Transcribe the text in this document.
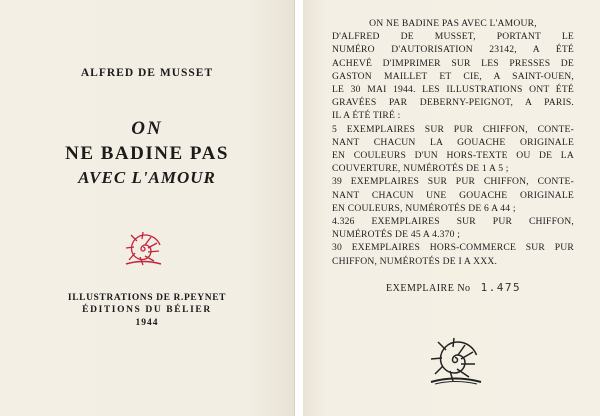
ALFRED DE MUSSET
ON
NE BADINE PAS
AVEC L'AMOUR
ILLUSTRATIONS DE R.PEYNET
ÉDITIONS DU BÉLIER
1944
ON NE BADINE PAS AVEC L'AMOUR,
D'ALFRED DE MUSSET, PORTANT LE
NUMÉRO D'AUTORISATION 23142, A ÉTÉ
ACHEVÉ D'IMPRIMER SUR LES PRESSES DE
GASTON MAILLET ET CIE, A SAINT-OUEN,
LE 30 MAI 1944. LES ILLUSTRATIONS ONT ÉTÉ
GRAVÉES PAR DEBERNY-PEIGNOT, A PARIS.
IL A ÉTÉ TIRÉ :
5 EXEMPLAIRES SUR PUR CHIFFON, CONTE-
NANT CHACUN LA GOUACHE ORIGINALE
EN COULEURS D'UN HORS-TEXTE OU DE LA
COUVERTURE, NUMÉROTÉS DE 1 A 5 ;
39 EXEMPLAIRES SUR PUR CHIFFON, CONTE-
NANT CHACUN UNE GOUACHE ORIGINALE
EN COULEURS, NUMÉROTÉS DE 6 A 44 ;
4.326 EXEMPLAIRES SUR PUR CHIFFON,
NUMÉROTÉS DE 45 A 4.370 ;
30 EXEMPLAIRES HORS-COMMERCE SUR PUR
CHIFFON, NUMÉROTÉS DE I A XXX.
EXEMPLAIRE No 1.475
